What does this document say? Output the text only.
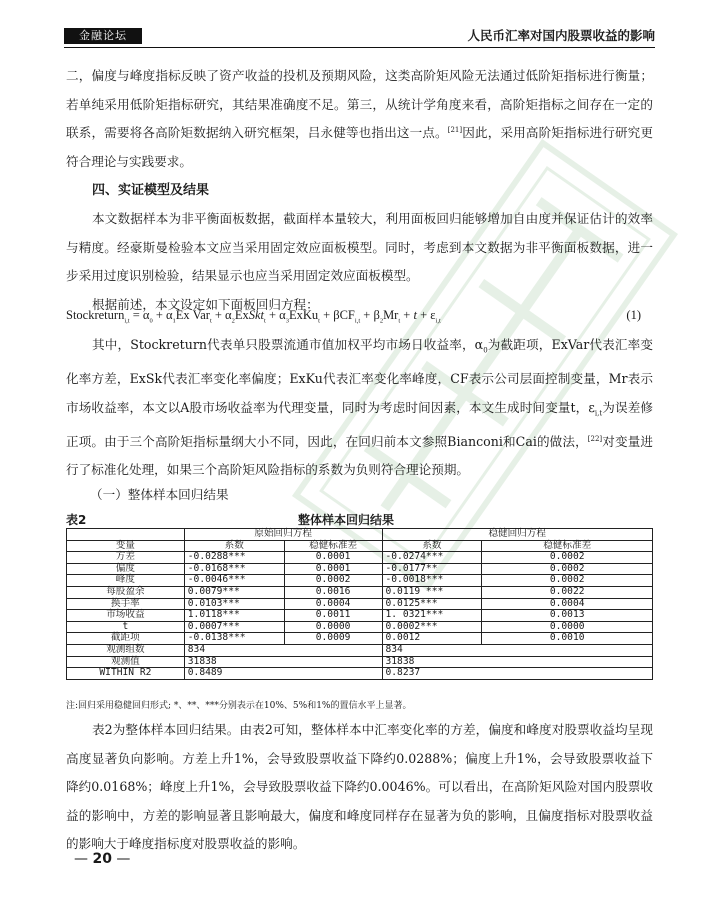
金融论坛	人民币汇率对国内股票收益的影响

二，偏度与峰度指标反映了资产收益的投机及预期风险，这类高阶矩风险无法通过低阶矩指标进行衡量；若单纯采用低阶矩指标研究，其结果准确度不足。第三，从统计学角度来看，高阶矩指标之间存在一定的联系，需要将各高阶矩数据纳入研究框架，吕永健等也指出这一点。[21]因此，采用高阶矩指标进行研究更符合理论与实践要求。

四、实证模型及结果

本文数据样本为非平衡面板数据，截面样本量较大，利用面板回归能够增加自由度并保证估计的效率与精度。经豪斯曼检验本文应当采用固定效应面板模型。同时，考虑到本文数据为非平衡面板数据，进一步采用过度识别检验，结果显示也应当采用固定效应面板模型。

根据前述，本文设定如下面板回归方程：

Stockreturn$_{i,t}$ = $\alpha_0 + \alpha_1Ex$ $Var_t + \alpha_2ExSkt_t$ + $\alpha_3ExKu_t + \beta CF_{i,t} + \beta_2Mr_t + t + \varepsilon_{i,t}$	(1)

其中，Stockreturn代表单只股票流通市值加权平均市场日收益率，$\alpha_0$为截距项，ExVar代表汇率变化率方差，ExSk代表汇率变化率偏度；ExKu代表汇率变化率峰度，CF表示公司层面控制变量，Mr表示市场收益率，本文以A股市场收益率为代理变量，同时为考虑时间因素，本文生成时间变量t，$\varepsilon_{i,t}$为误差修正项。由于三个高阶矩指标量纲大小不同，因此，在回归前本文参照Bianconi和Cai的做法，[22]对变量进行了标准化处理，如果三个高阶矩风险指标的系数为负则符合理论预期。

（一）整体样本回归结果
表2	整体样本回归结果
	原始回归方程		稳健回归方程	
变量	系数	稳健标准差	系数	稳健标准差
方差	-0.0288***	0.0001	-0.0274***	0.0002
偏度	-0.0168***	0.0001	-0.0177**	0.0002
峰度	-0.0046***	0.0002	-0.0018***	0.0002
每股盈余	0.0079***	0.0016	0.0119 ***	0.0022
换手率	0.0103***	0.0004	0.0125***	0.0004
市场收益	1.0118***	0.0011	1. 0321***	0.0013
t	0.0007***	0.0000	0.0002***	0.0000
截距项	-0.0138***	0.0009	0.0012	0.0010
观测组数	834		834	
观测值	31838		31838	
WITHIN R2	0.8489		0.8237	
注:回归采用稳健回归形式; *、**、***分别表示在10%、5%和1%的置信水平上显著。

表2为整体样本回归结果。由表2可知，整体样本中汇率变化率的方差，偏度和峰度对股票收益均呈现高度显著负向影响。方差上升1%，会导致股票收益下降约0.0288%；偏度上升1%，会导致股票收益下降约0.0168%；峰度上升1%，会导致股票收益下降约0.0046%。可以看出，在高阶矩风险对国内股票收益的影响中，方差的影响显著且影响最大，偏度和峰度同样存在显著为负的影响，且偏度指标对股票收益的影响大于峰度指标度对股票收益的影响。

— 20 —
